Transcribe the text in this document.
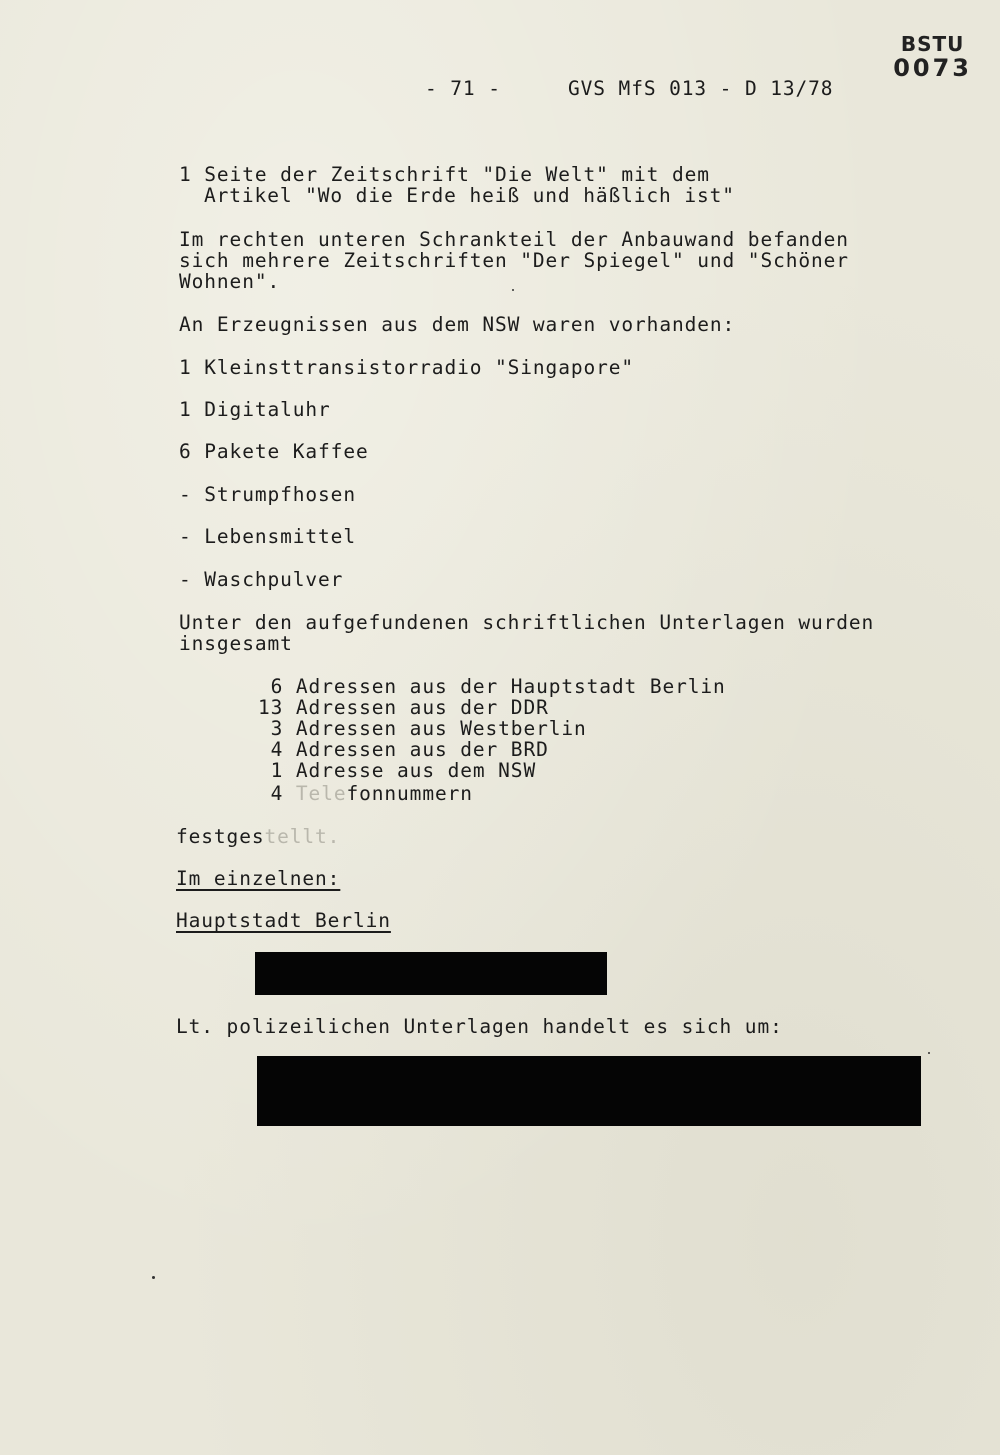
BSTU
0073
- 71 -	GVS MfS 013 - D 13/78
1 Seite der Zeitschrift "Die Welt" mit dem
Artikel "Wo die Erde heiß und häßlich ist"
Im rechten unteren Schrankteil der Anbauwand befanden
sich mehrere Zeitschriften "Der Spiegel" und "Schöner
Wohnen".
An Erzeugnissen aus dem NSW waren vorhanden:
1 Kleinsttransistorradio "Singapore"
1 Digitaluhr
6 Pakete Kaffee
- Strumpfhosen
- Lebensmittel
- Waschpulver
Unter den aufgefundenen schriftlichen Unterlagen wurden
insgesamt
6 Adressen aus der Hauptstadt Berlin
13 Adressen aus der DDR
3 Adressen aus Westberlin
4 Adressen aus der BRD
1 Adresse aus dem NSW
4 Telefonnummern
festgestellt.
Im einzelnen:
Hauptstadt Berlin
Lt. polizeilichen Unterlagen handelt es sich um:
